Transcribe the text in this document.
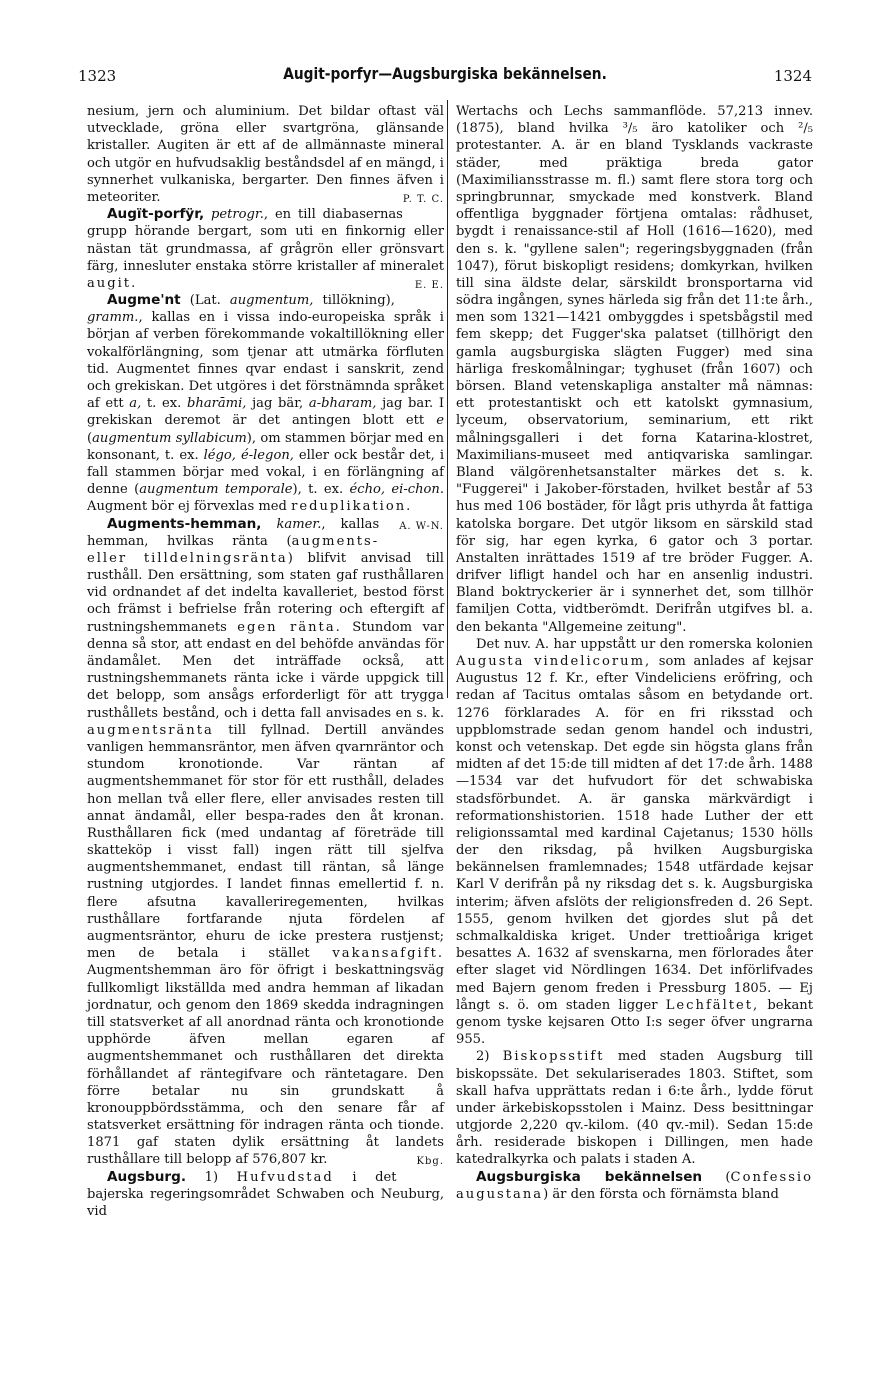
1323	Augit-porfyr—Augsburgiska bekännelsen.	1324

nesium, jern och aluminium. Det bildar oftast väl utvecklade, gröna eller svartgröna, glänsande kristaller. Augiten är ett af de allmännaste mineral och utgör en hufvudsaklig beståndsdel af en mängd, i synnerhet vulkaniska, bergarter. Den finnes äfven i meteoriter.	P. T. C.

Augït-porfÿr, petrogr., en till diabasernas grupp hörande bergart, som uti en finkornig eller nästan tät grundmassa, af grågrön eller grönsvart färg, innesluter enstaka större kristaller af mineralet augit.	E. E.

Augme'nt (Lat. augmentum, tillökning), gramm., kallas en i vissa indo-europeiska språk i början af verben förekommande vokaltillökning eller vokalförlängning, som tjenar att utmärka förfluten tid. Augmentet finnes qvar endast i sanskrit, zend och grekiskan. Det utgöres i det förstnämnda språket af ett a, t. ex. bharāmi, jag bär, a-bharam, jag bar. I grekiskan deremot är det antingen blott ett e (augmentum syllabicum), om stammen börjar med en konsonant, t. ex. légo, é-legon, eller ock består det, i fall stammen börjar med vokal, i en förlängning af denne (augmentum temporale), t. ex. écho, ei-chon. Augment bör ej förvexlas med reduplikation.
A. W-N.

Augments-hemman, kamer., kallas hemman, hvilkas ränta (augments- eller tilldelningsränta) blifvit anvisad till rusthåll. Den ersättning, som staten gaf rusthållaren vid ordnandet af det indelta kavalleriet, bestod först och främst i befrielse från rotering och eftergift af rustningshemmanets egen ränta. Stundom var denna så stor, att endast en del behöfde användas för ändamålet. Men det inträffade också, att rustningshemmanets ränta icke i värde uppgick till det belopp, som ansågs erforderligt för att trygga rusthållets bestånd, och i detta fall anvisades en s. k. augmentsränta till fyllnad. Dertill användes vanligen hemmansräntor, men äfven qvarnräntor och stundom kronotionde. Var räntan af augmentshemmanet för stor för ett rusthåll, delades hon mellan två eller flere, eller anvisades resten till annat ändamål, eller bespa-rades den åt kronan. Rusthållaren fick (med undantag af företräde till skatteköp i visst fall) ingen rätt till sjelfva augmentshemmanet, endast till räntan, så länge rustning utgjordes. I landet finnas emellertid f. n. flere afsutna kavalleriregementen, hvilkas rusthållare fortfarande njuta fördelen af augmentsräntor, ehuru de icke prestera rustjenst; men de betala i stället vakansafgift. Augmentshemman äro för öfrigt i beskattningsväg fullkomligt likställda med andra hemman af likadan jordnatur, och genom den 1869 skedda indragningen till statsverket af all anordnad ränta och kronotionde upphörde äfven mellan egaren af augmentshemmanet och rusthållaren det direkta förhållandet af räntegifvare och räntetagare. Den förre betalar nu sin grundskatt å kronouppbördsstämma, och den senare får af statsverket ersättning för indragen ränta och tionde. 1871 gaf staten dylik ersättning åt landets rusthållare till belopp af 576,807 kr.	Kbg.

Augsburg. 1) Hufvudstad i det bajerska regeringsområdet Schwaben och Neuburg, vid

Wertachs och Lechs sammanflöde. 57,213 innev. (1875), bland hvilka ³/₅ äro katoliker och ²/₅ protestanter. A. är en bland Tysklands vackraste städer, med präktiga breda gator (Maximiliansstrasse m. fl.) samt flere stora torg och springbrunnar, smyckade med konstverk. Bland offentliga byggnader förtjena omtalas: rådhuset, bygdt i renaissance-stil af Holl (1616—1620), med den s. k. "gyllene salen"; regeringsbyggnaden (från 1047), förut biskopligt residens; domkyrkan, hvilken till sina äldste delar, särskildt bronsportarna vid södra ingången, synes härleda sig från det 11:te årh., men som 1321—1421 ombyggdes i spetsbågstil med fem skepp; det Fugger'ska palatset (tillhörigt den gamla augsburgiska slägten Fugger) med sina härliga freskomålningar; tyghuset (från 1607) och börsen. Bland vetenskapliga anstalter må nämnas: ett protestantiskt och ett katolskt gymnasium, lyceum, observatorium, seminarium, ett rikt målningsgalleri i det forna Katarina-klostret, Maximilians-museet med antiqvariska samlingar. Bland välgörenhetsanstalter märkes det s. k. "Fuggerei" i Jakober-förstaden, hvilket består af 53 hus med 106 bostäder, för lågt pris uthyrda åt fattiga katolska borgare. Det utgör liksom en särskild stad för sig, har egen kyrka, 6 gator och 3 portar. Anstalten inrättades 1519 af tre bröder Fugger. A. drifver lifligt handel och har en ansenlig industri. Bland boktryckerier är i synnerhet det, som tillhör familjen Cotta, vidtberömdt. Derifrån utgifves bl. a. den bekanta "Allgemeine zeitung".

Det nuv. A. har uppstått ur den romerska kolonien Augusta vindelicorum, som anlades af kejsar Augustus 12 f. Kr., efter Vindeliciens eröfring, och redan af Tacitus omtalas såsom en betydande ort. 1276 förklarades A. för en fri riksstad och uppblomstrade sedan genom handel och industri, konst och vetenskap. Det egde sin högsta glans från midten af det 15:de till midten af det 17:de årh. 1488—1534 var det hufvudort för det schwabiska stadsförbundet. A. är ganska märkvärdigt i reformationshistorien. 1518 hade Luther der ett religionssamtal med kardinal Cajetanus; 1530 hölls der den riksdag, på hvilken Augsburgiska bekännelsen framlemnades; 1548 utfärdade kejsar Karl V derifrån på ny riksdag det s. k. Augsburgiska interim; äfven afslöts der religionsfreden d. 26 Sept. 1555, genom hvilken det gjordes slut på det schmalkaldiska kriget. Under trettioåriga kriget besattes A. 1632 af svenskarna, men förlorades åter efter slaget vid Nördlingen 1634. Det införlifvades med Bajern genom freden i Pressburg 1805. — Ej långt s. ö. om staden ligger Lechfältet, bekant genom tyske kejsaren Otto I:s seger öfver ungrarna 955.

2) Biskopsstift med staden Augsburg till biskopssäte. Det sekulariserades 1803. Stiftet, som skall hafva upprättats redan i 6:te årh., lydde förut under ärkebiskopsstolen i Mainz. Dess besittningar utgjorde 2,220 qv.-kilom. (40 qv.-mil). Sedan 15:de årh. residerade biskopen i Dillingen, men hade katedralkyrka och palats i staden A.

Augsburgiska bekännelsen (Confessio augustana) är den första och förnämsta bland
